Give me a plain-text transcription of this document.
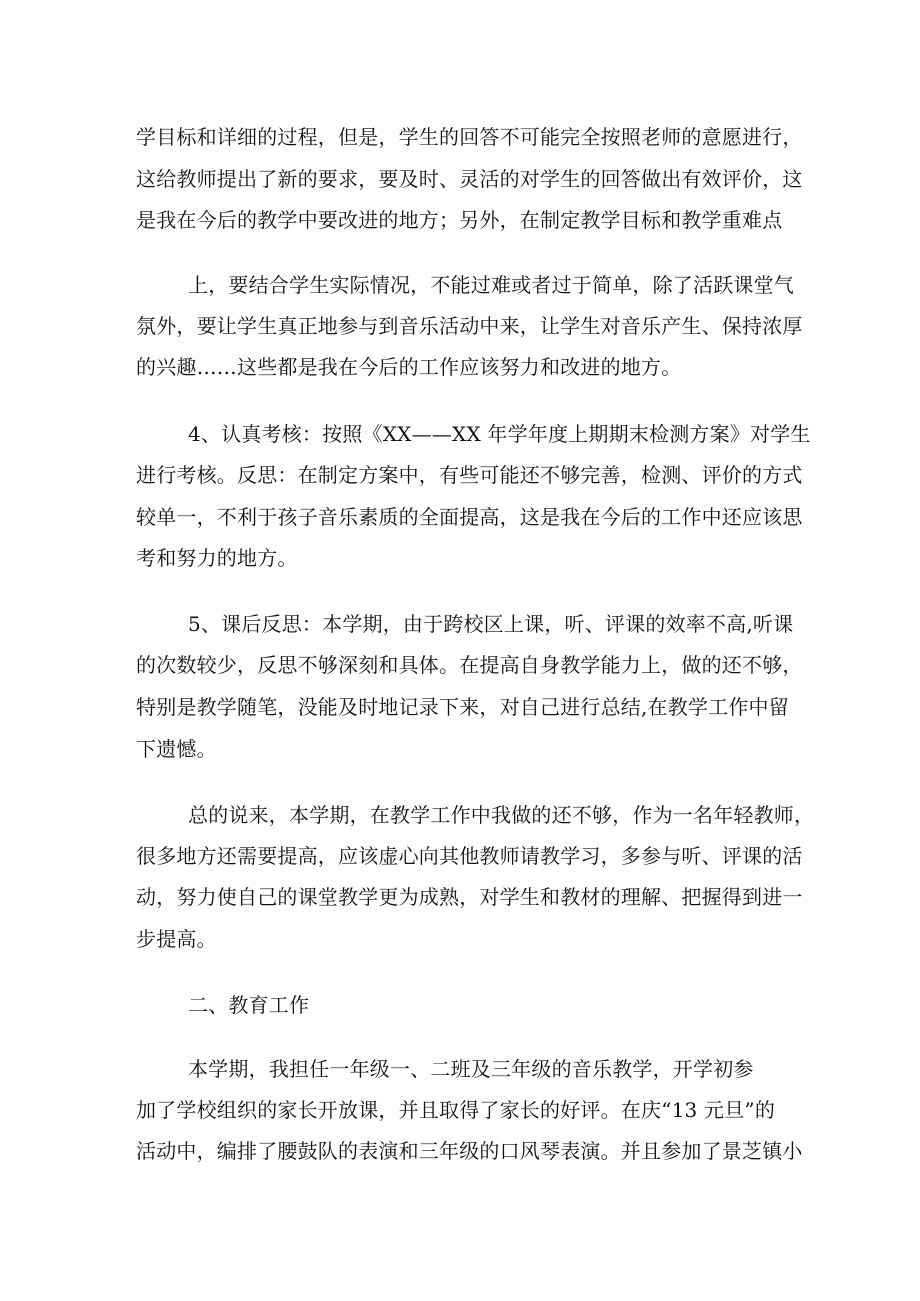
学目标和详细的过程，但是，学生的回答不可能完全按照老师的意愿进行，
这给教师提出了新的要求，要及时、灵活的对学生的回答做出有效评价，这
是我在今后的教学中要改进的地方；另外，在制定教学目标和教学重难点
上，要结合学生实际情况，不能过难或者过于简单，除了活跃课堂气
氛外，要让学生真正地参与到音乐活动中来，让学生对音乐产生、保持浓厚
的兴趣……这些都是我在今后的工作应该努力和改进的地方。
4、认真考核：按照《XX——XX 年学年度上期期末检测方案》对学生
进行考核。反思：在制定方案中，有些可能还不够完善，检测、评价的方式
较单一，不利于孩子音乐素质的全面提高，这是我在今后的工作中还应该思
考和努力的地方。
5、课后反思：本学期，由于跨校区上课，听、评课的效率不高,听课
的次数较少，反思不够深刻和具体。在提高自身教学能力上，做的还不够，
特别是教学随笔，没能及时地记录下来，对自己进行总结,在教学工作中留
下遗憾。
总的说来，本学期，在教学工作中我做的还不够，作为一名年轻教师，
很多地方还需要提高，应该虚心向其他教师请教学习，多参与听、评课的活
动，努力使自己的课堂教学更为成熟，对学生和教材的理解、把握得到进一
步提高。
二、教育工作
本学期，我担任一年级一、二班及三年级的音乐教学，开学初参
加了学校组织的家长开放课，并且取得了家长的好评。在庆“13 元旦”的
活动中，编排了腰鼓队的表演和三年级的口风琴表演。并且参加了景芝镇小
